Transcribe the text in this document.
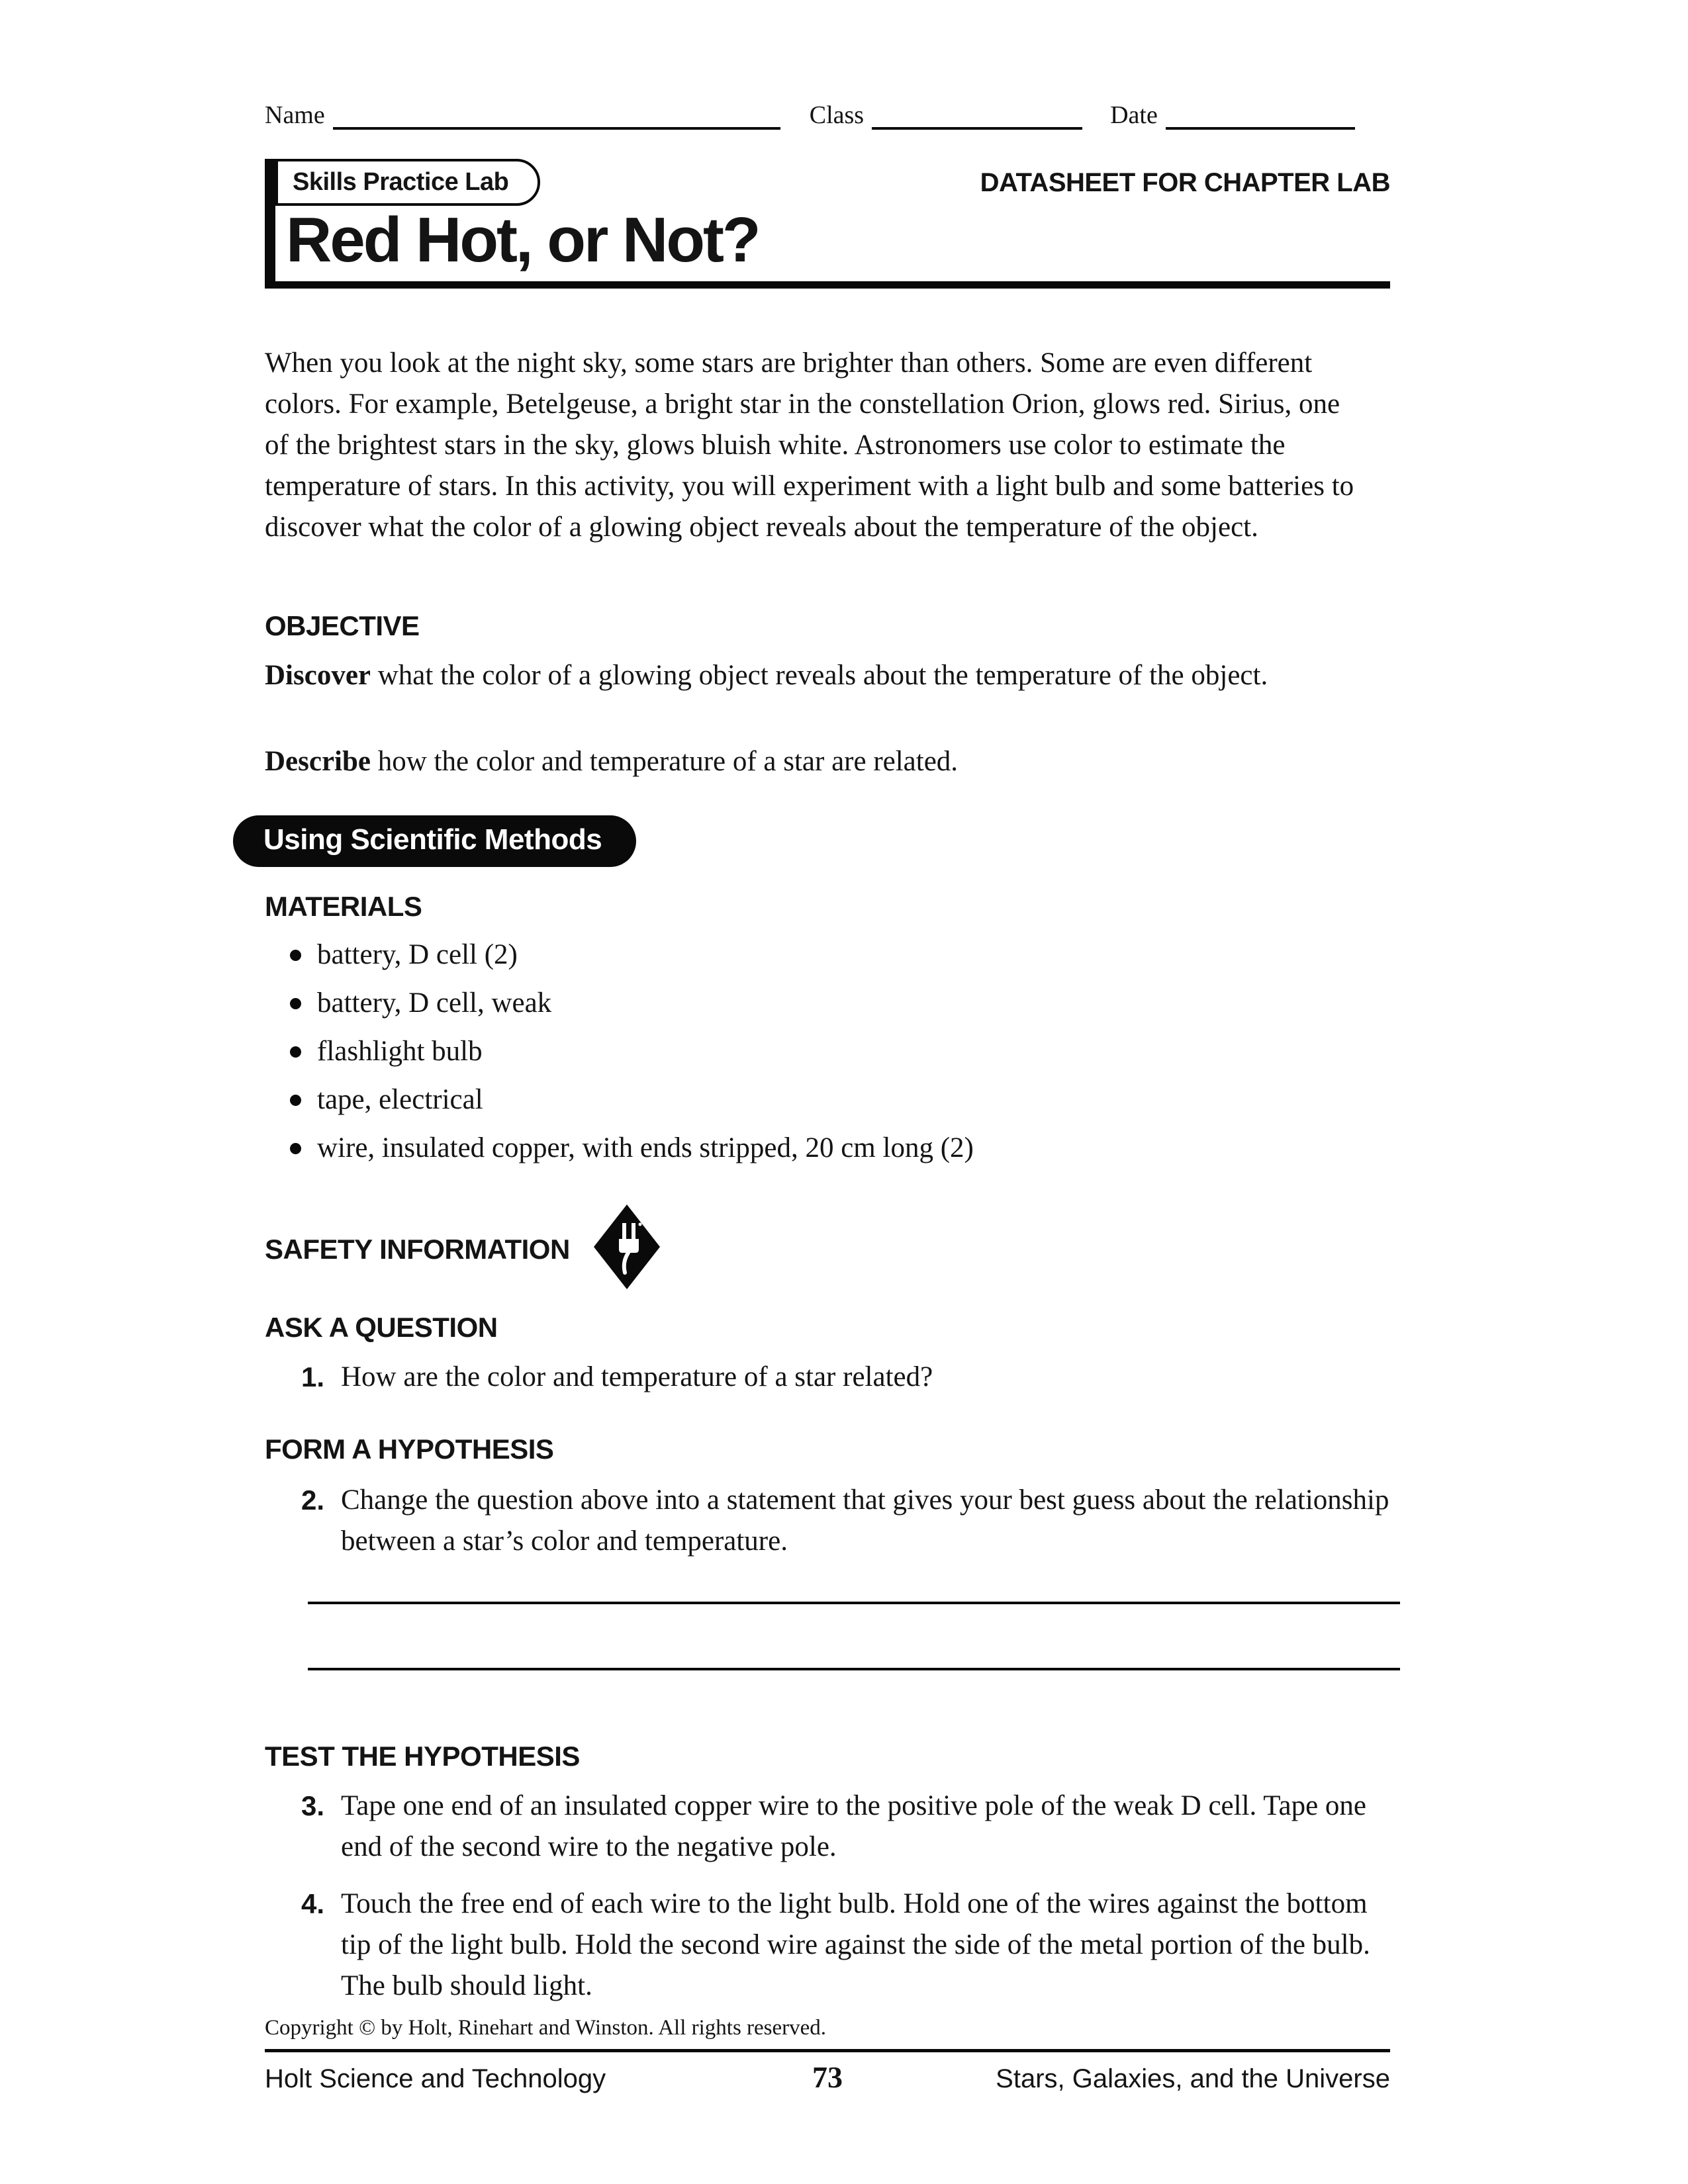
Name	Class	Date
Skills Practice Lab	DATASHEET FOR CHAPTER LAB
Red Hot, or Not?

When you look at the night sky, some stars are brighter than others. Some are even different colors. For example, Betelgeuse, a bright star in the constellation Orion, glows red. Sirius, one of the brightest stars in the sky, glows bluish white. Astronomers use color to estimate the temperature of stars. In this activity, you will experiment with a light bulb and some batteries to discover what the color of a glowing object reveals about the temperature of the object.

OBJECTIVE

Discover what the color of a glowing object reveals about the temperature of the object.

Describe how the color and temperature of a star are related.

Using Scientific Methods
MATERIALS
battery, D cell (2)
battery, D cell, weak
flashlight bulb
tape, electrical
wire, insulated copper, with ends stripped, 20 cm long (2)
SAFETY INFORMATION
ASK A QUESTION
1. How are the color and temperature of a star related?
FORM A HYPOTHESIS
2. Change the question above into a statement that gives your best guess about the relationship between a star’s color and temperature.
TEST THE HYPOTHESIS
3. Tape one end of an insulated copper wire to the positive pole of the weak D cell. Tape one end of the second wire to the negative pole.
4. Touch the free end of each wire to the light bulb. Hold one of the wires against the bottom tip of the light bulb. Hold the second wire against the side of the metal portion of the bulb. The bulb should light.
Copyright © by Holt, Rinehart and Winston. All rights reserved.
Holt Science and Technology	73	Stars, Galaxies, and the Universe
